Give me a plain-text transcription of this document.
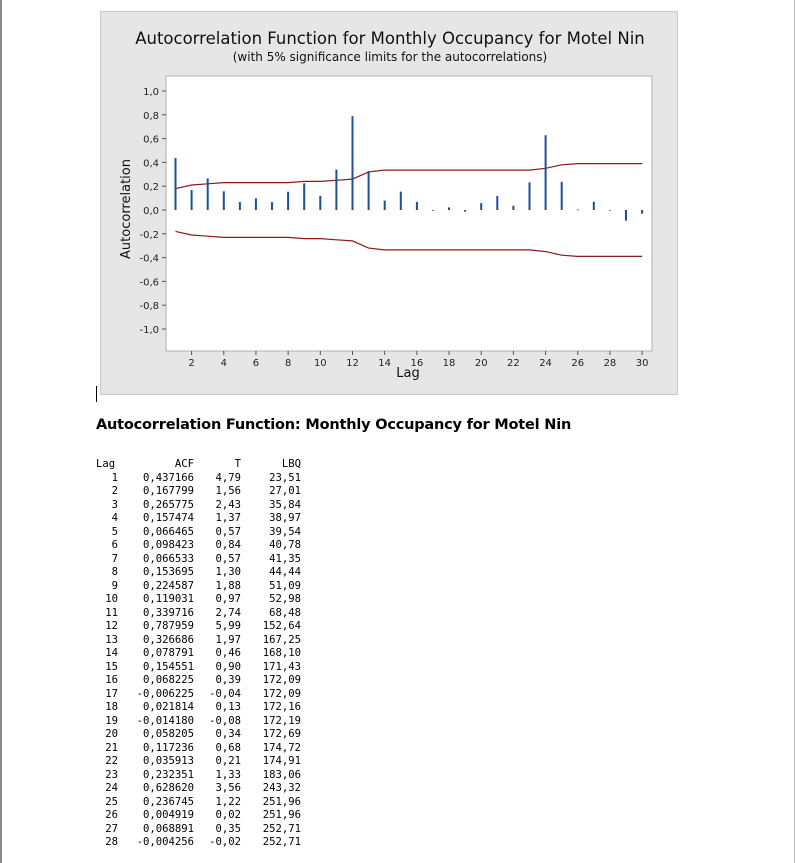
Autocorrelation Function for Monthly Occupancy for Motel Nin
(with 5% significance limits for the autocorrelations)
1,0
0,8
0,6
0,4
0,2
0,0
-0,2
-0,4
-0,6
-0,8
-1,0
2	4	6	8 10 12 14 16 18 20 22 24 26 28 30
Autocorrelation
Lag
Autocorrelation Function: Monthly Occupancy for Motel Nin
Lag	ACF	T	LBQ
1	0,437166	4,79	23,51
2	0,167799	1,56	27,01
3	0,265775	2,43	35,84
4	0,157474	1,37	38,97
5	0,066465	0,57	39,54
6	0,098423	0,84	40,78
7	0,066533	0,57	41,35
8	0,153695	1,30	44,44
9	0,224587	1,88	51,09
10	0,119031	0,97	52,98
11	0,339716	2,74	68,48
12	0,787959	5,99	152,64
13	0,326686	1,97	167,25
14	0,078791	0,46	168,10
15	0,154551	0,90	171,43
16	0,068225	0,39	172,09
17	-0,006225	-0,04	172,09
18	0,021814	0,13	172,16
19	-0,014180	-0,08	172,19
20	0,058205	0,34	172,69
21	0,117236	0,68	174,72
22	0,035913	0,21	174,91
23	0,232351	1,33	183,06
24	0,628620	3,56	243,32
25	0,236745	1,22	251,96
26	0,004919	0,02	251,96
27	0,068891	0,35	252,71
28	-0,004256	-0,02	252,71
